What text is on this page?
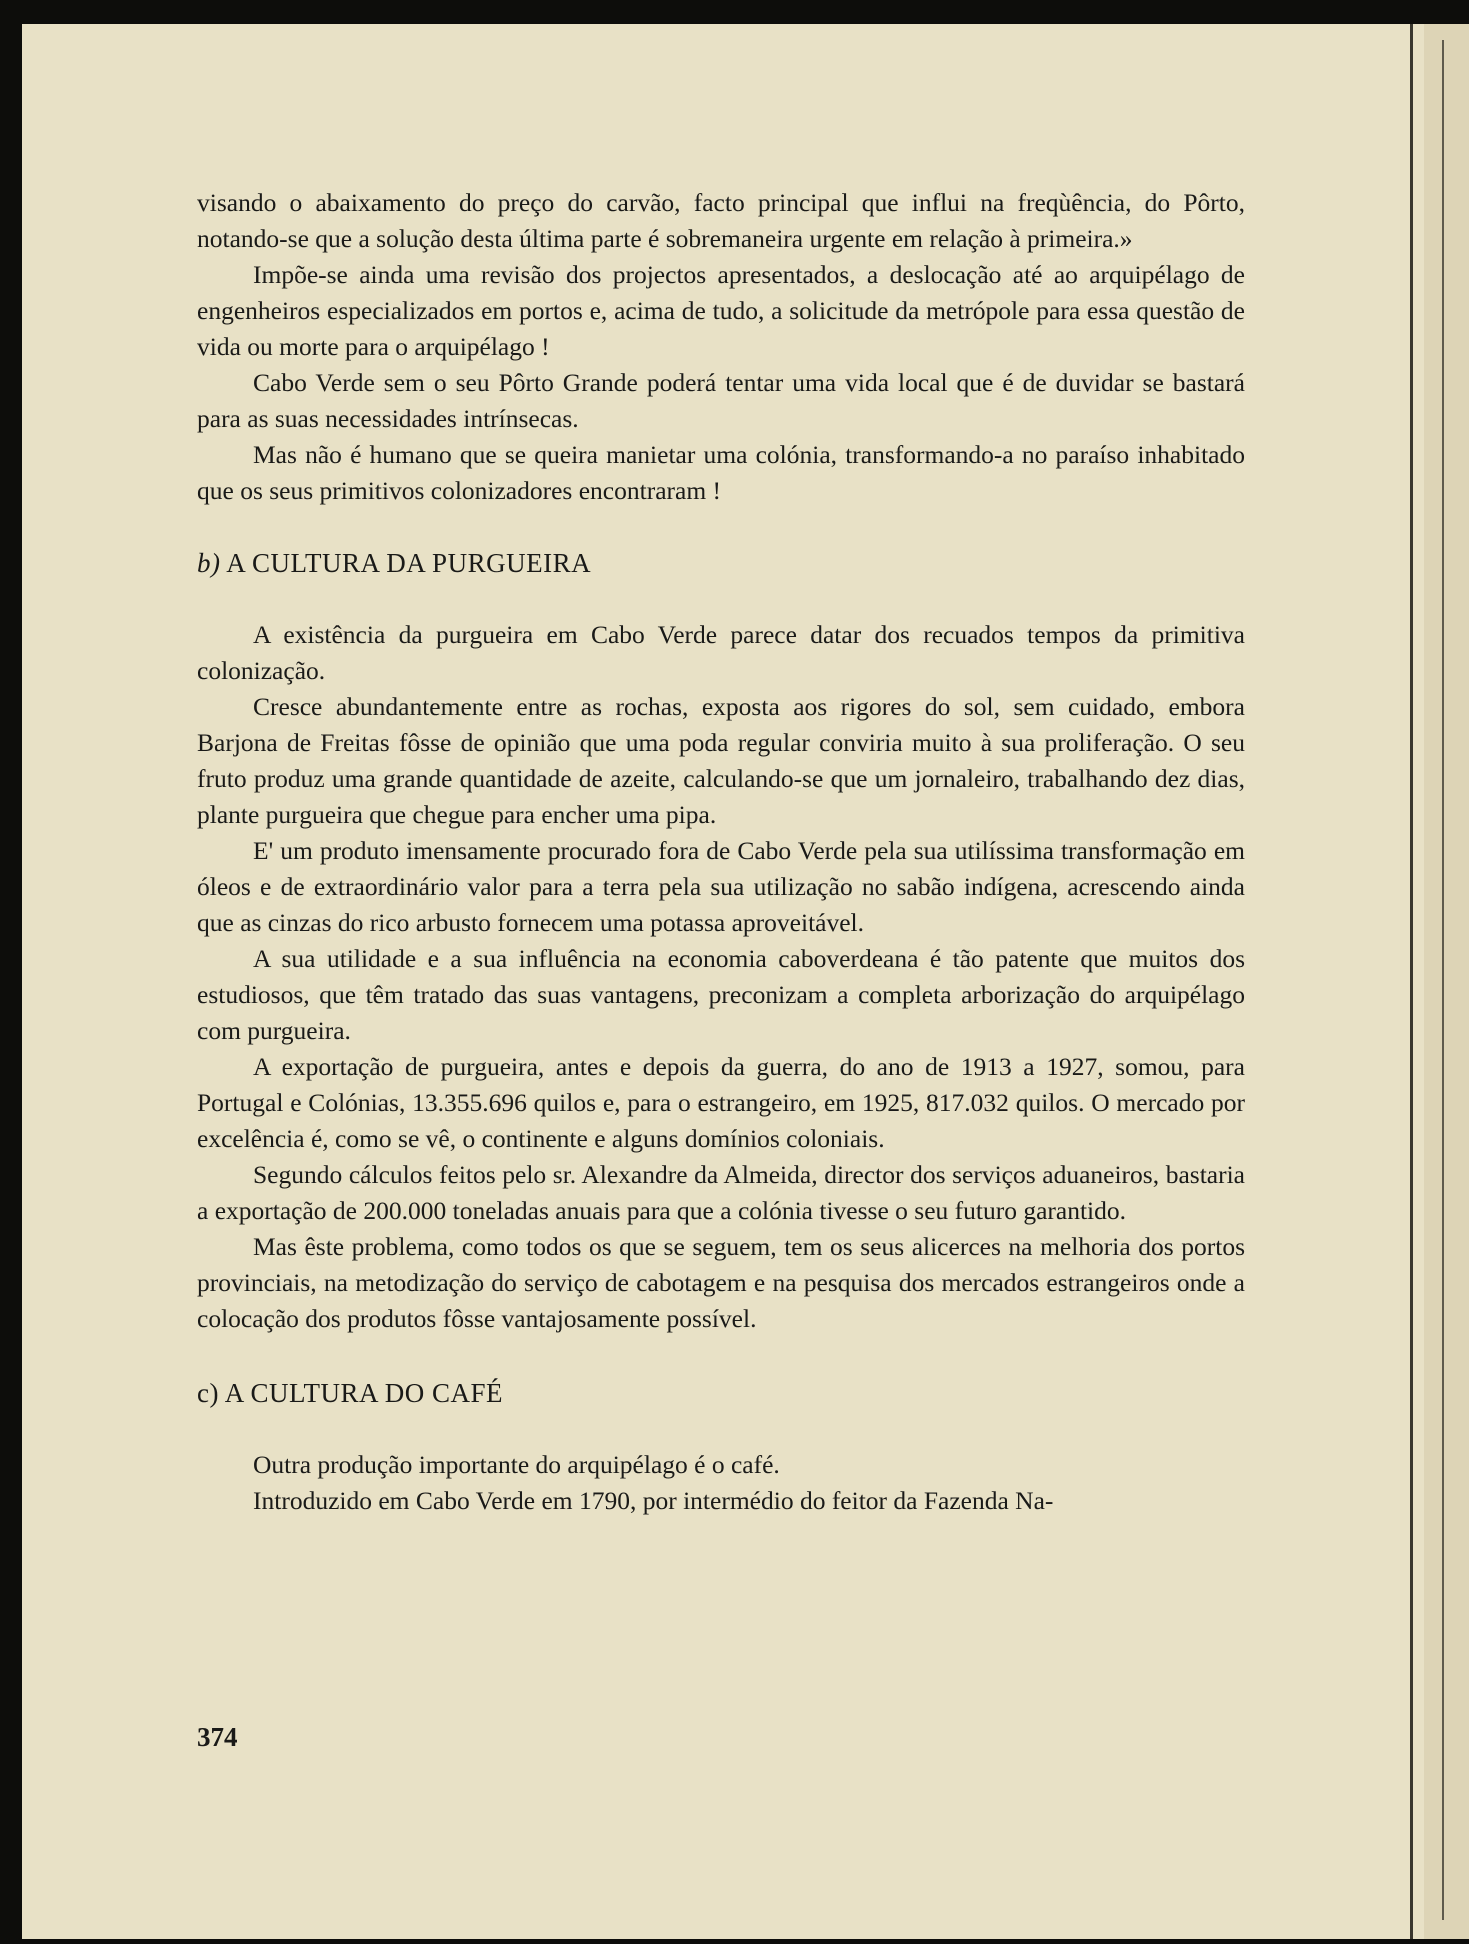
visando o abaixamento do preço do carvão, facto principal que influi na freqùência, do Pôrto, notando-se que a solução desta última parte é sobremaneira urgente em relação à primeira.»

Impõe-se ainda uma revisão dos projectos apresentados, a deslocação até ao arquipélago de engenheiros especializados em portos e, acima de tudo, a solicitude da metrópole para essa questão de vida ou morte para o arquipélago !

Cabo Verde sem o seu Pôrto Grande poderá tentar uma vida local que é de duvidar se bastará para as suas necessidades intrínsecas.

Mas não é humano que se queira manietar uma colónia, transformando-a no paraíso inhabitado que os seus primitivos colonizadores encontraram !

b) A CULTURA DA PURGUEIRA

A existência da purgueira em Cabo Verde parece datar dos recuados tempos da primitiva colonização.

Cresce abundantemente entre as rochas, exposta aos rigores do sol, sem cuidado, embora Barjona de Freitas fôsse de opinião que uma poda regular conviria muito à sua proliferação. O seu fruto produz uma grande quantidade de azeite, calculando-se que um jornaleiro, trabalhando dez dias, plante purgueira que chegue para encher uma pipa.

E' um produto imensamente procurado fora de Cabo Verde pela sua utilíssima transformação em óleos e de extraordinário valor para a terra pela sua utilização no sabão indígena, acrescendo ainda que as cinzas do rico arbusto fornecem uma potassa aproveitável.

A sua utilidade e a sua influência na economia caboverdeana é tão patente que muitos dos estudiosos, que têm tratado das suas vantagens, preconizam a completa arborização do arquipélago com purgueira.

A exportação de purgueira, antes e depois da guerra, do ano de 1913 a 1927, somou, para Portugal e Colónias, 13.355.696 quilos e, para o estrangeiro, em 1925, 817.032 quilos. O mercado por excelência é, como se vê, o continente e alguns domínios coloniais.

Segundo cálculos feitos pelo sr. Alexandre da Almeida, director dos serviços aduaneiros, bastaria a exportação de 200.000 toneladas anuais para que a colónia tivesse o seu futuro garantido.

Mas êste problema, como todos os que se seguem, tem os seus alicerces na melhoria dos portos provinciais, na metodização do serviço de cabotagem e na pesquisa dos mercados estrangeiros onde a colocação dos produtos fôsse vantajosamente possível.

c) A CULTURA DO CAFÉ

Outra produção importante do arquipélago é o café.

Introduzido em Cabo Verde em 1790, por intermédio do feitor da Fazenda Na-

374
